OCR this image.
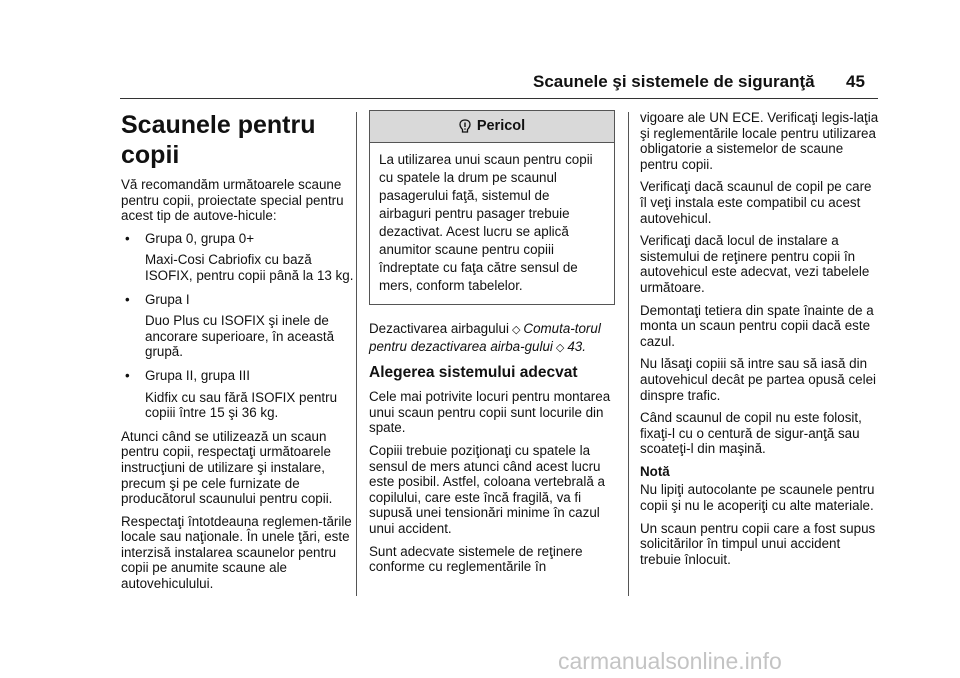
Scaunele şi sistemele de siguranţă 45
Scaunele pentru copii

Vă recomandăm următoarele scaune pentru copii, proiectate special pentru acest tip de autove‐hicule:

• Grupa 0, grupa 0+
Maxi-Cosi Cabriofix cu bază ISOFIX, pentru copii până la 13 kg.
• Grupa I
Duo Plus cu ISOFIX şi inele de ancorare superioare, în această grupă.
• Grupa II, grupa III
Kidfix cu sau fără ISOFIX pentru copiii între 15 şi 36 kg.

Atunci când se utilizează un scaun pentru copii, respectaţi următoarele instrucţiuni de utilizare şi instalare, precum şi pe cele furnizate de producătorul scaunului pentru copii.

Respectaţi întotdeauna reglemen‐tările locale sau naţionale. În unele ţări, este interzisă instalarea scaunelor pentru copii pe anumite scaune ale autovehiculului.

Pericol
La utilizarea unui scaun pentru copii cu spatele la drum pe scaunul pasagerului faţă, sistemul de airbaguri pentru pasager trebuie dezactivat. Acest lucru se aplică anumitor scaune pentru copiii îndreptate cu faţa către sensul de mers, conform tabelelor.

Dezactivarea airbagului ◇ Comuta‐torul pentru dezactivarea airba‐gului ◇ 43.

Alegerea sistemului adecvat

Cele mai potrivite locuri pentru montarea unui scaun pentru copii sunt locurile din spate.

Copiii trebuie poziţionaţi cu spatele la sensul de mers atunci când acest lucru este posibil. Astfel, coloana vertebrală a copilului, care este încă fragilă, va fi supusă unei tensionări minime în cazul unui accident.

Sunt adecvate sistemele de reţinere conforme cu reglementările în

vigoare ale UN ECE. Verificaţi legis‐laţia şi reglementările locale pentru utilizarea obligatorie a sistemelor de scaune pentru copii.

Verificaţi dacă scaunul de copil pe care îl veţi instala este compatibil cu acest autovehicul.

Verificaţi dacă locul de instalare a sistemului de reţinere pentru copii în autovehicul este adecvat, vezi tabelele următoare.

Demontaţi tetiera din spate înainte de a monta un scaun pentru copii dacă este cazul.

Nu lăsaţi copiii să intre sau să iasă din autovehicul decât pe partea opusă celei dinspre trafic.

Când scaunul de copil nu este folosit, fixaţi-l cu o centură de sigur‐anţă sau scoateţi-l din maşină.

Notă

Nu lipiţi autocolante pe scaunele pentru copii şi nu le acoperiţi cu alte materiale.

Un scaun pentru copii care a fost supus solicitărilor în timpul unui accident trebuie înlocuit.

carmanualsonline.info
